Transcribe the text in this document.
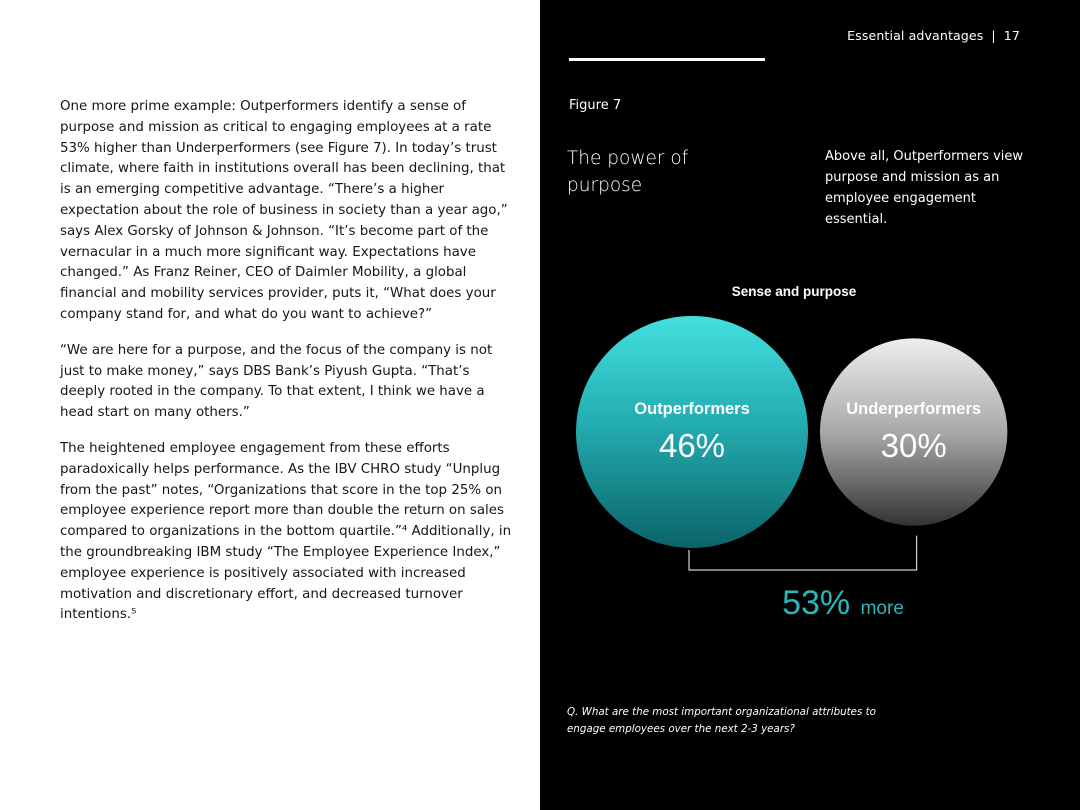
One more prime example: Outperformers identify a sense of purpose and mission as critical to engaging employees at a rate 53% higher than Underperformers (see Figure 7). In today’s trust climate, where faith in institutions overall has been declining, that is an emerging competitive advantage. “There’s a higher expectation about the role of business in society than a year ago,” says Alex Gorsky of Johnson & Johnson. “It’s become part of the vernacular in a much more significant way. Expectations have changed.” As Franz Reiner, CEO of Daimler Mobility, a global financial and mobility services provider, puts it, “What does your company stand for, and what do you want to achieve?”

“We are here for a purpose, and the focus of the company is not just to make money,” says DBS Bank’s Piyush Gupta. “That’s deeply rooted in the company. To that extent, I think we have a head start on many others.”

The heightened employee engagement from these efforts paradoxically helps performance. As the IBV CHRO study “Unplug from the past” notes, “Organizations that score in the top 25% on employee experience report more than double the return on sales compared to organizations in the bottom quartile.”⁴ Additionally, in the groundbreaking IBM study “The Employee Experience Index,” employee experience is positively associated with increased motivation and discretionary effort, and decreased turnover intentions.⁵

Essential advantages | 17
Figure 7
The power of purpose
Above all, Outperformers view purpose and mission as an employee engagement essential.
Sense and purpose
Outperformers
46%
Underperformers
30%
53% more
Q. What are the most important organizational attributes to engage employees over the next 2-3 years?
